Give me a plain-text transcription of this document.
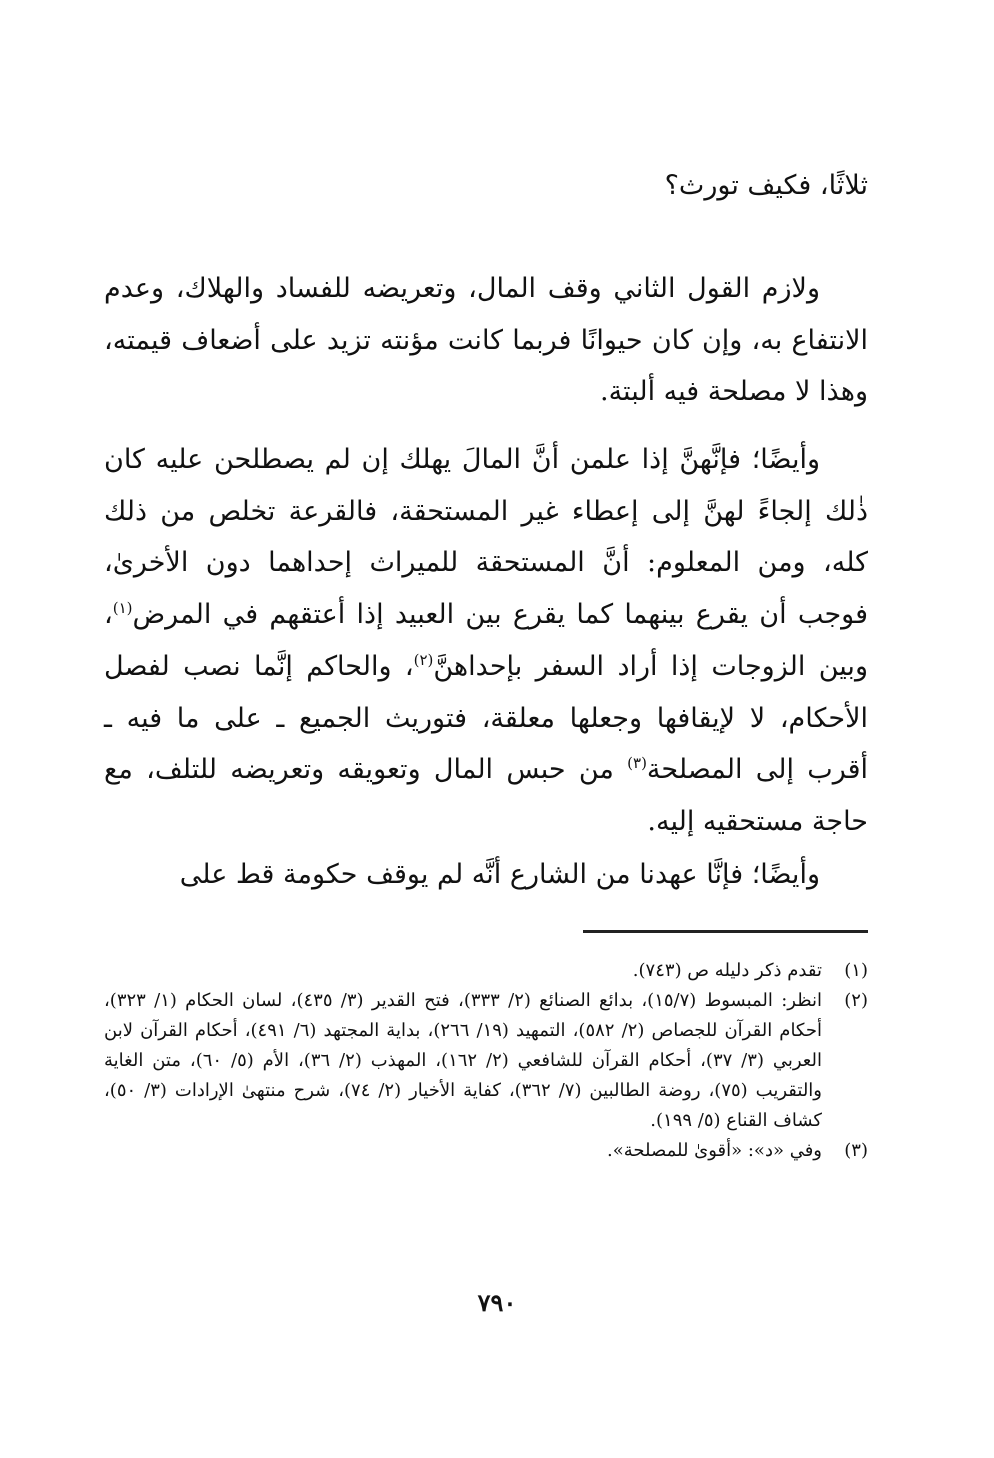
ثلاثًا، فكيف تورث؟
ولازم القول الثاني وقف المال، وتعريضه للفساد والهلاك، وعدم الانتفاع به، وإن كان حيوانًا فربما كانت مؤنته تزيد على أضعاف قيمته، وهذا لا مصلحة فيه ألبتة.
وأيضًا؛ فإنَّهنَّ إذا علمن أنَّ المالَ يهلك إن لم يصطلحن عليه كان ذٰلك إلجاءً لهنَّ إلى إعطاء غير المستحقة، فالقرعة تخلص من ذلك كله، ومن المعلوم: أنَّ المستحقة للميراث إحداهما دون الأخرىٰ، فوجب أن يقرع بينهما كما يقرع بين العبيد إذا أعتقهم في المرض$^{(١)}$، وبين الزوجات إذا أراد السفر بإحداهنَّ$^{(٢)}$، والحاكم إنَّما نصب لفصل الأحكام، لا لإيقافها وجعلها معلقة، فتوريث الجميع ـ على ما فيه ـ أقرب إلى المصلحة$^{(٣)}$ من حبس المال وتعويقه وتعريضه للتلف، مع حاجة مستحقيه إليه.
وأيضًا؛ فإنَّا عهدنا من الشارع أنَّه لم يوقف حكومة قط على
(١)
تقدم ذكر دليله ص (٧٤٣).
(٢)
انظر: المبسوط (١٥/٧)، بدائع الصنائع (٢/ ٣٣٣)، فتح القدير (٣/ ٤٣٥)، لسان الحكام (١/ ٣٢٣)، أحكام القرآن للجصاص (٢/ ٥٨٢)، التمهيد (١٩/ ٢٦٦)، بداية المجتهد (٦/ ٤٩١)، أحكام القرآن لابن العربي (٣/ ٣٧)، أحكام القرآن للشافعي (٢/ ١٦٢)، المهذب (٢/ ٣٦)، الأم (٥/ ٦٠)، متن الغاية والتقريب (٧٥)، روضة الطالبين (٧/ ٣٦٢)، كفاية الأخيار (٢/ ٧٤)، شرح منتهىٰ الإرادات (٣/ ٥٠)، كشاف القناع (٥/ ١٩٩).
(٣)
وفي «د»: «أقوىٰ للمصلحة».
٧٩٠
